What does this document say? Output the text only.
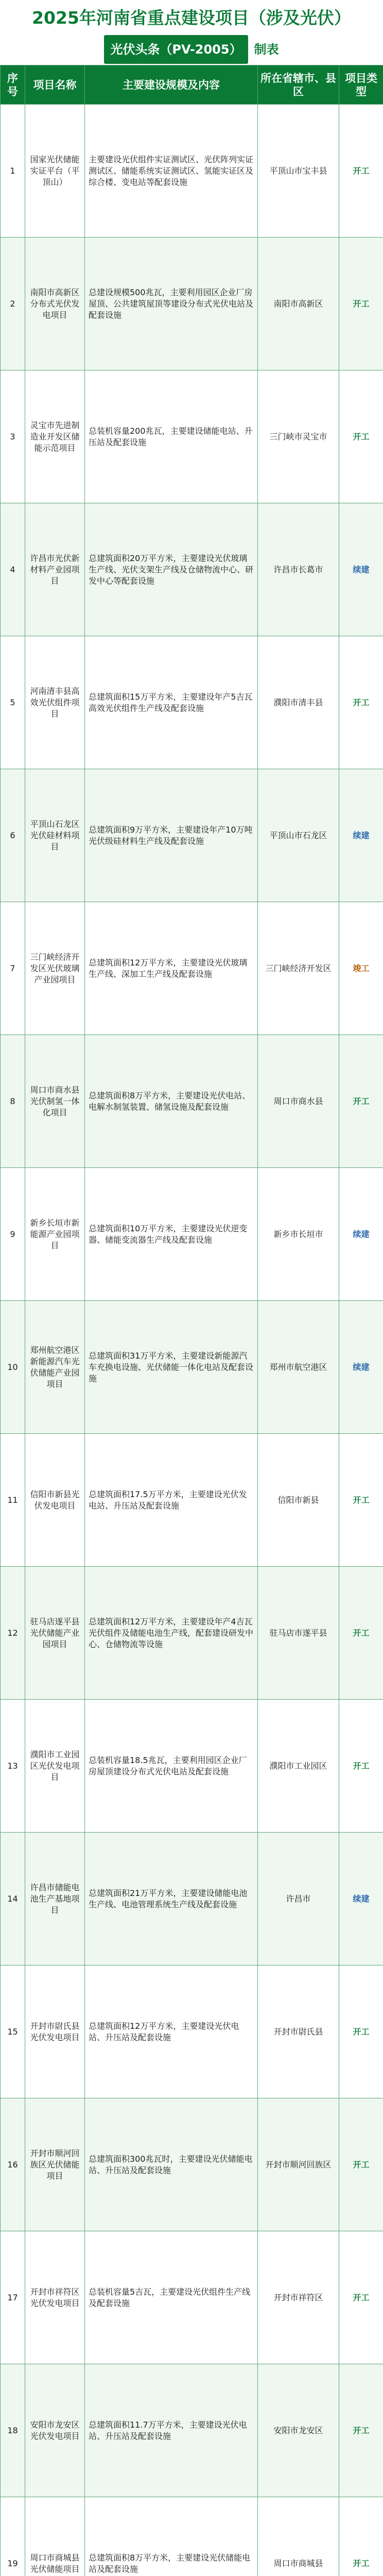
2025年河南省重点建设项目（涉及光伏）
光伏头条（PV-2005） 制表
序号	项目名称	主要建设规模及内容	所在省辖市、县区	项目类型
1	国家光伏储能实证平台（平顶山）	主要建设光伏组件实证测试区、光伏阵列实证测试区、储能系统实证测试区、氢能实证区及综合楼、变电站等配套设施	平顶山市宝丰县	开工
2	南阳市高新区分布式光伏发电项目	总建设规模500兆瓦，主要利用园区企业厂房屋顶、公共建筑屋顶等建设分布式光伏电站及配套设施	南阳市高新区	开工
3	灵宝市先进制造业开发区储能示范项目	总装机容量200兆瓦，主要建设储能电站、升压站及配套设施	三门峡市灵宝市	开工
4	许昌市光伏新材料产业园项目	总建筑面积20万平方米，主要建设光伏玻璃生产线、光伏支架生产线及仓储物流中心、研发中心等配套设施	许昌市长葛市	续建
5	河南清丰县高效光伏组件项目	总建筑面积15万平方米，主要建设年产5吉瓦高效光伏组件生产线及配套设施	濮阳市清丰县	开工
6	平顶山石龙区光伏硅材料项目	总建筑面积9万平方米，主要建设年产10万吨光伏级硅材料生产线及配套设施	平顶山市石龙区	续建
7	三门峡经济开发区光伏玻璃产业园项目	总建筑面积12万平方米，主要建设光伏玻璃生产线、深加工生产线及配套设施	三门峡经济开发区	竣工
8	周口市商水县光伏制氢一体化项目	总建筑面积8万平方米，主要建设光伏电站、电解水制氢装置、储氢设施及配套设施	周口市商水县	开工
9	新乡长垣市新能源产业园项目	总建筑面积10万平方米，主要建设光伏逆变器、储能变流器生产线及配套设施	新乡市长垣市	续建
10	郑州航空港区新能源汽车光伏储能产业园项目	总建筑面积31万平方米，主要建设新能源汽车充换电设施、光伏储能一体化电站及配套设施	郑州市航空港区	续建
11	信阳市新县光伏发电项目	总建筑面积17.5万平方米，主要建设光伏发电站、升压站及配套设施	信阳市新县	开工
12	驻马店遂平县光伏储能产业园项目	总建筑面积12万平方米，主要建设年产4吉瓦光伏组件及储能电池生产线，配套建设研发中心、仓储物流等设施	驻马店市遂平县	开工
13	濮阳市工业园区光伏发电项目	总装机容量18.5兆瓦，主要利用园区企业厂房屋顶建设分布式光伏电站及配套设施	濮阳市工业园区	开工
14	许昌市储能电池生产基地项目	总建筑面积21万平方米，主要建设储能电池生产线、电池管理系统生产线及配套设施	许昌市	续建
15	开封市尉氏县光伏发电项目	总建筑面积12万平方米，主要建设光伏电站、升压站及配套设施	开封市尉氏县	开工
16	开封市顺河回族区光伏储能项目	总建筑面积300兆瓦时，主要建设光伏储能电站、升压站及配套设施	开封市顺河回族区	开工
17	开封市祥符区光伏发电项目	总装机容量5吉瓦，主要建设光伏组件生产线及配套设施	开封市祥符区	开工
18	安阳市龙安区光伏发电项目	总建筑面积11.7万平方米，主要建设光伏电站、升压站及配套设施	安阳市龙安区	开工
19	周口市商城县光伏储能项目	总建筑面积8万平方米，主要建设光伏储能电站及配套设施	周口市商城县	开工
